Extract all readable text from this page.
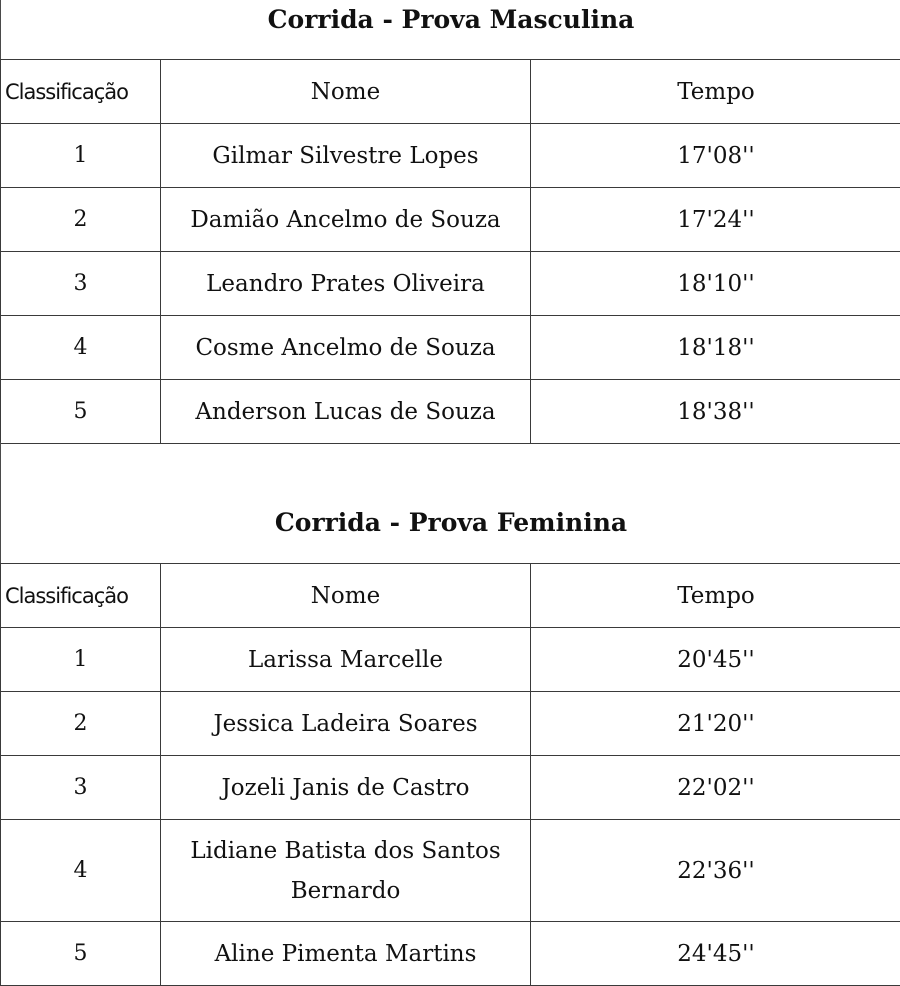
Corrida - Prova Masculina
Classificação	Nome	Tempo
1	Gilmar Silvestre Lopes	17'08''
2	Damião Ancelmo de Souza	17'24''
3	Leandro Prates Oliveira	18'10''
4	Cosme Ancelmo de Souza	18'18''
5	Anderson Lucas de Souza	18'38''
Corrida - Prova Feminina
Classificação	Nome	Tempo
1	Larissa Marcelle	20'45''
2	Jessica Ladeira Soares	21'20''
3	Jozeli Janis de Castro	22'02''
4	Lidiane Batista dos Santos Bernardo	22'36''
5	Aline Pimenta Martins	24'45''
